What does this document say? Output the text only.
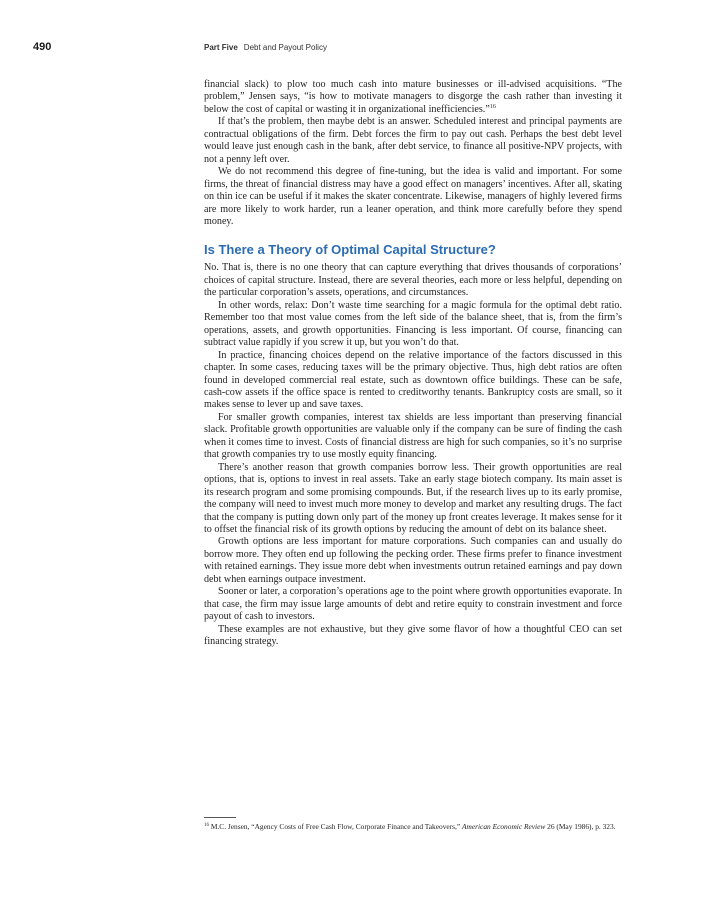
490	Part Five Debt and Payout Policy

financial slack) to plow too much cash into mature businesses or ill-advised acquisitions. “The problem,” Jensen says, “is how to motivate managers to disgorge the cash rather than investing it below the cost of capital or wasting it in organizational inefficiencies.”$^{16}$

If that’s the problem, then maybe debt is an answer. Scheduled interest and principal payments are contractual obligations of the firm. Debt forces the firm to pay out cash. Perhaps the best debt level would leave just enough cash in the bank, after debt service, to finance all positive-NPV projects, with not a penny left over.

We do not recommend this degree of fine-tuning, but the idea is valid and important. For some firms, the threat of financial distress may have a good effect on managers’ incentives. After all, skating on thin ice can be useful if it makes the skater concentrate. Likewise, managers of highly levered firms are more likely to work harder, run a leaner operation, and think more carefully before they spend money.

Is There a Theory of Optimal Capital Structure?

No. That is, there is no one theory that can capture everything that drives thousands of corporations’ choices of capital structure. Instead, there are several theories, each more or less helpful, depending on the particular corporation’s assets, operations, and circumstances.

In other words, relax: Don’t waste time searching for a magic formula for the optimal debt ratio. Remember too that most value comes from the left side of the balance sheet, that is, from the firm’s operations, assets, and growth opportunities. Financing is less important. Of course, financing can subtract value rapidly if you screw it up, but you won’t do that.

In practice, financing choices depend on the relative importance of the factors discussed in this chapter. In some cases, reducing taxes will be the primary objective. Thus, high debt ratios are often found in developed commercial real estate, such as downtown office buildings. These can be safe, cash-cow assets if the office space is rented to creditworthy tenants. Bankruptcy costs are small, so it makes sense to lever up and save taxes.

For smaller growth companies, interest tax shields are less important than preserving financial slack. Profitable growth opportunities are valuable only if the company can be sure of finding the cash when it comes time to invest. Costs of financial distress are high for such companies, so it’s no surprise that growth companies try to use mostly equity financing.

There’s another reason that growth companies borrow less. Their growth opportunities are real options, that is, options to invest in real assets. Take an early stage biotech company. Its main asset is its research program and some promising compounds. But, if the research lives up to its early promise, the company will need to invest much more money to develop and market any resulting drugs. The fact that the company is putting down only part of the money up front creates leverage. It makes sense for it to offset the financial risk of its growth options by reducing the amount of debt on its balance sheet.

Growth options are less important for mature corporations. Such companies can and usually do borrow more. They often end up following the pecking order. These firms prefer to finance investment with retained earnings. They issue more debt when investments outrun retained earnings and pay down debt when earnings outpace investment.

Sooner or later, a corporation’s operations age to the point where growth opportunities evaporate. In that case, the firm may issue large amounts of debt and retire equity to constrain investment and force payout of cash to investors.

These examples are not exhaustive, but they give some flavor of how a thoughtful CEO can set financing strategy.

$^{16}$ M.C. Jensen, “Agency Costs of Free Cash Flow, Corporate Finance and Takeovers,” American Economic Review 26 (May 1986), p. 323.
